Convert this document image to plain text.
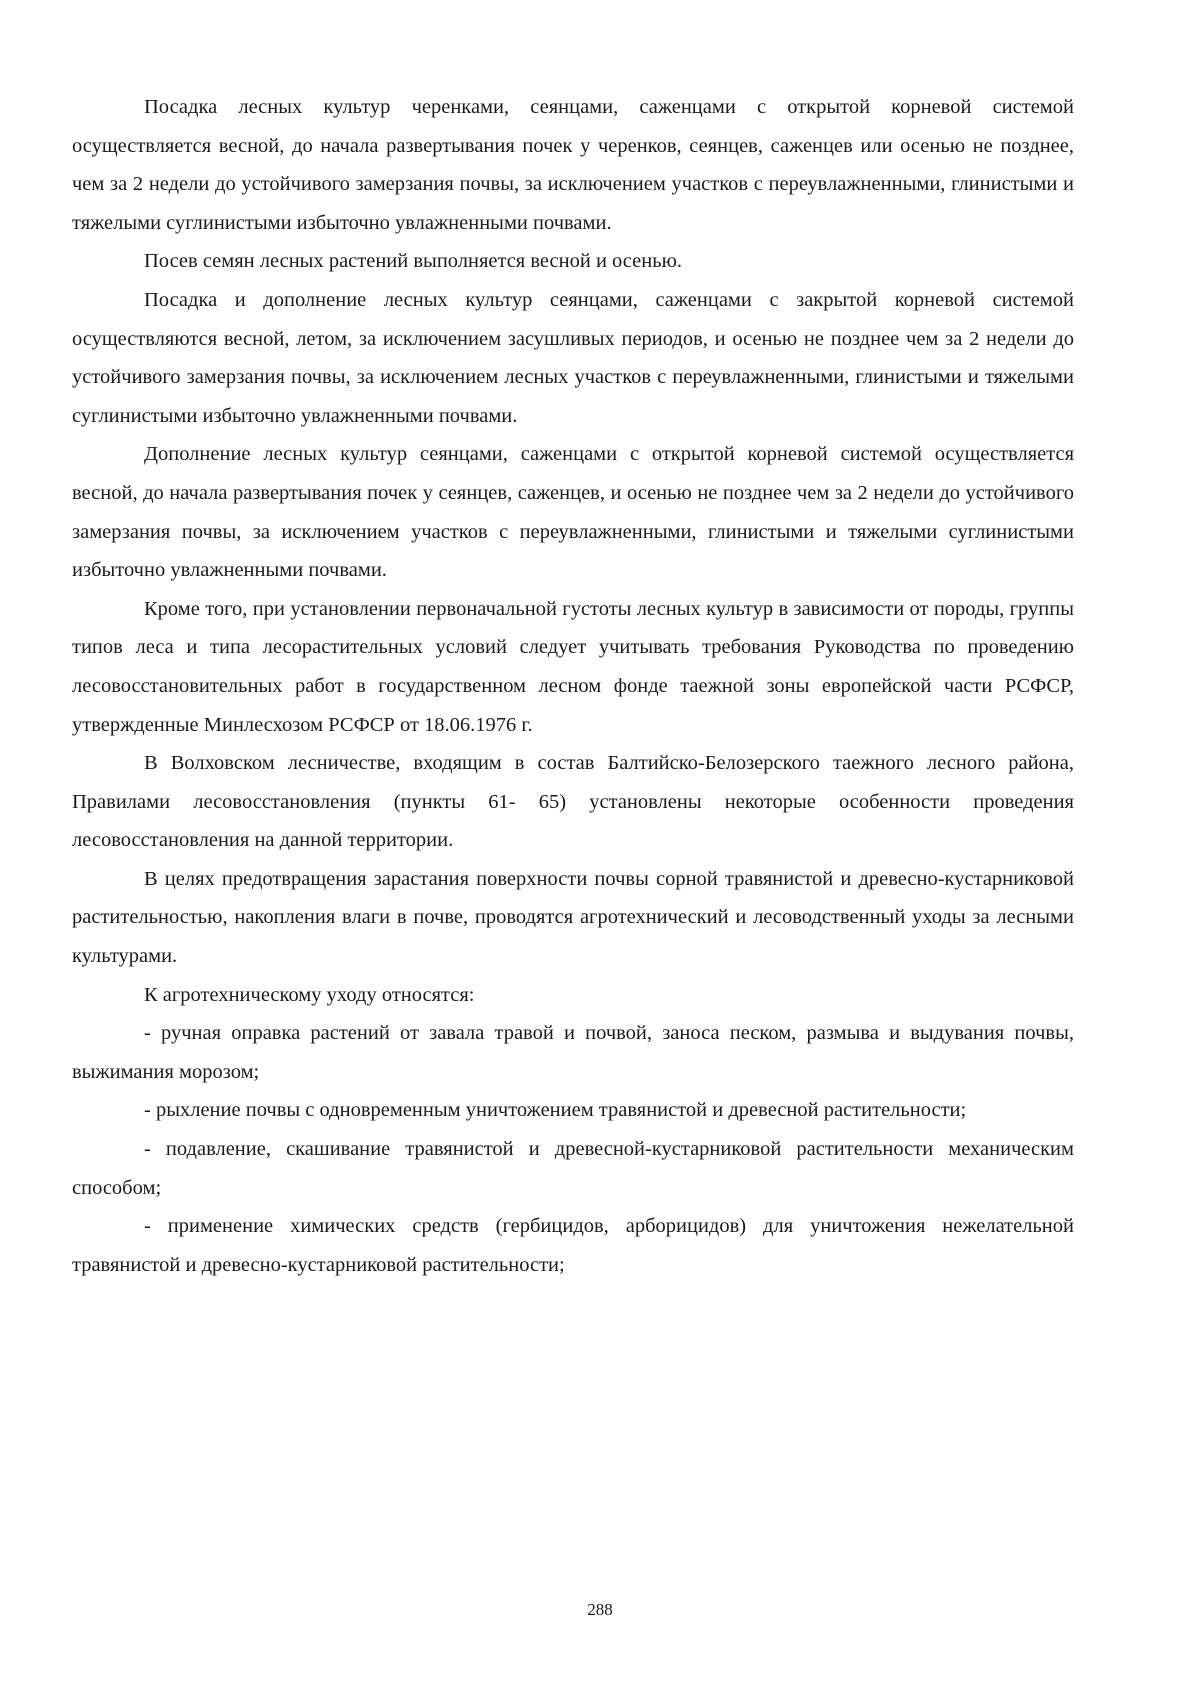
Посадка лесных культур черенками, сеянцами, саженцами с открытой корневой системой осуществляется весной, до начала развертывания почек у черенков, сеянцев, саженцев или осенью не позднее, чем за 2 недели до устойчивого замерзания почвы, за исключением участков с переувлажненными, глинистыми и тяжелыми суглинистыми избыточно увлажненными почвами.

Посев семян лесных растений выполняется весной и осенью.

Посадка и дополнение лесных культур сеянцами, саженцами с закрытой корневой системой осуществляются весной, летом, за исключением засушливых периодов, и осенью не позднее чем за 2 недели до устойчивого замерзания почвы, за исключением лесных участков с переувлажненными, глинистыми и тяжелыми суглинистыми избыточно увлажненными почвами.

Дополнение лесных культур сеянцами, саженцами с открытой корневой системой осуществляется весной, до начала развертывания почек у сеянцев, саженцев, и осенью не позднее чем за 2 недели до устойчивого замерзания почвы, за исключением участков с переувлажненными, глинистыми и тяжелыми суглинистыми избыточно увлажненными почвами.

Кроме того, при установлении первоначальной густоты лесных культур в зависимости от породы, группы типов леса и типа лесорастительных условий следует учитывать требования Руководства по проведению лесовосстановительных работ в государственном лесном фонде таежной зоны европейской части РСФСР, утвержденные Минлесхозом РСФСР от 18.06.1976 г.

В Волховском лесничестве, входящим в состав Балтийско-Белозерского таежного лесного района, Правилами лесовосстановления (пункты 61- 65) установлены некоторые особенности проведения лесовосстановления на данной территории.

В целях предотвращения зарастания поверхности почвы сорной травянистой и древесно-кустарниковой растительностью, накопления влаги в почве, проводятся агротехнический и лесоводственный уходы за лесными культурами.

К агротехническому уходу относятся:

- ручная оправка растений от завала травой и почвой, заноса песком, размыва и выдувания почвы, выжимания морозом;

- рыхление почвы с одновременным уничтожением травянистой и древесной растительности;

- подавление, скашивание травянистой и древесной-кустарниковой растительности механическим способом;

- применение химических средств (гербицидов, арборицидов) для уничтожения нежелательной травянистой и древесно-кустарниковой растительности;

288
